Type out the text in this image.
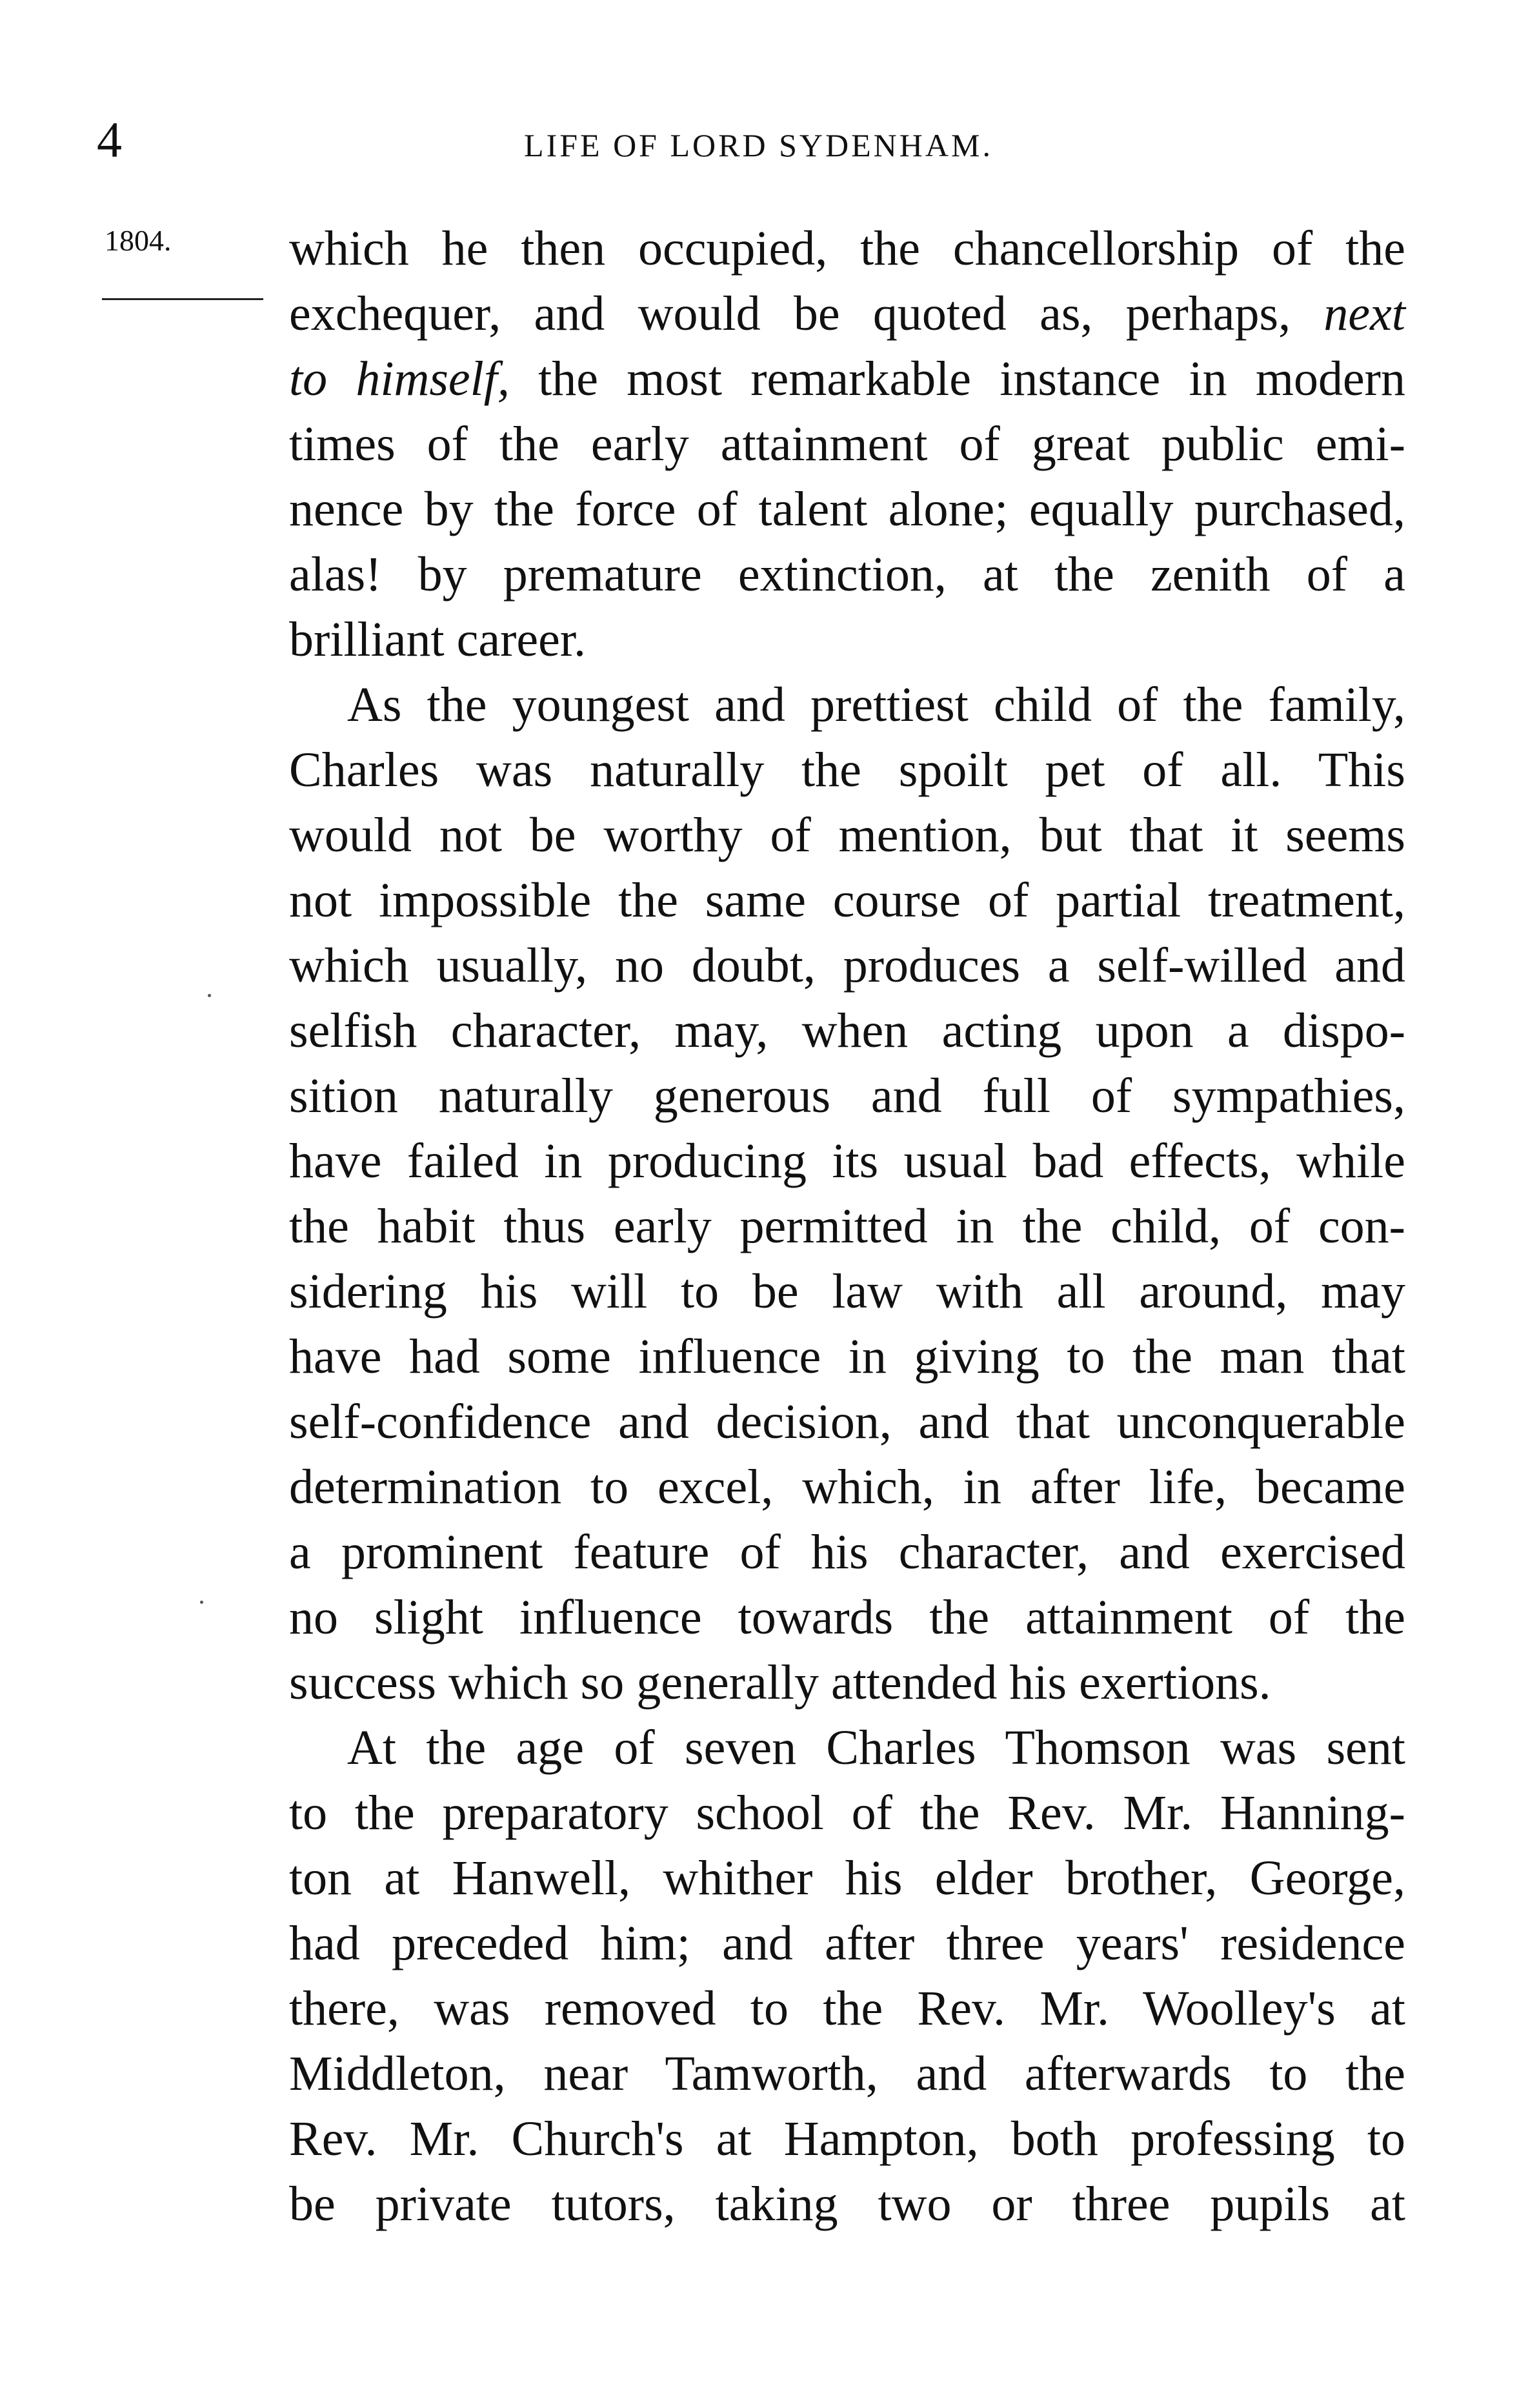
4	LIFE OF LORD SYDENHAM.
1804. which he then occupied, the chancellorship of the
exchequer, and would be quoted as, perhaps, next
to himself, the most remarkable instance in modern
times of the early attainment of great public emi-
nence by the force of talent alone; equally purchased,
alas! by premature extinction, at the zenith of a
brilliant career.
As the youngest and prettiest child of the family,
Charles was naturally the spoilt pet of all. This
would not be worthy of mention, but that it seems
not impossible the same course of partial treatment,
which usually, no doubt, produces a self-willed and
selfish character, may, when acting upon a dispo-
sition naturally generous and full of sympathies,
have failed in producing its usual bad effects, while
the habit thus early permitted in the child, of con-
sidering his will to be law with all around, may
have had some influence in giving to the man that
self-confidence and decision, and that unconquerable
determination to excel, which, in after life, became
a prominent feature of his character, and exercised
no slight influence towards the attainment of the
success which so generally attended his exertions.
At the age of seven Charles Thomson was sent
to the preparatory school of the Rev. Mr. Hanning-
ton at Hanwell, whither his elder brother, George,
had preceded him; and after three years' residence
there, was removed to the Rev. Mr. Woolley's at
Middleton, near Tamworth, and afterwards to the
Rev. Mr. Church's at Hampton, both professing to
be private tutors, taking two or three pupils at
